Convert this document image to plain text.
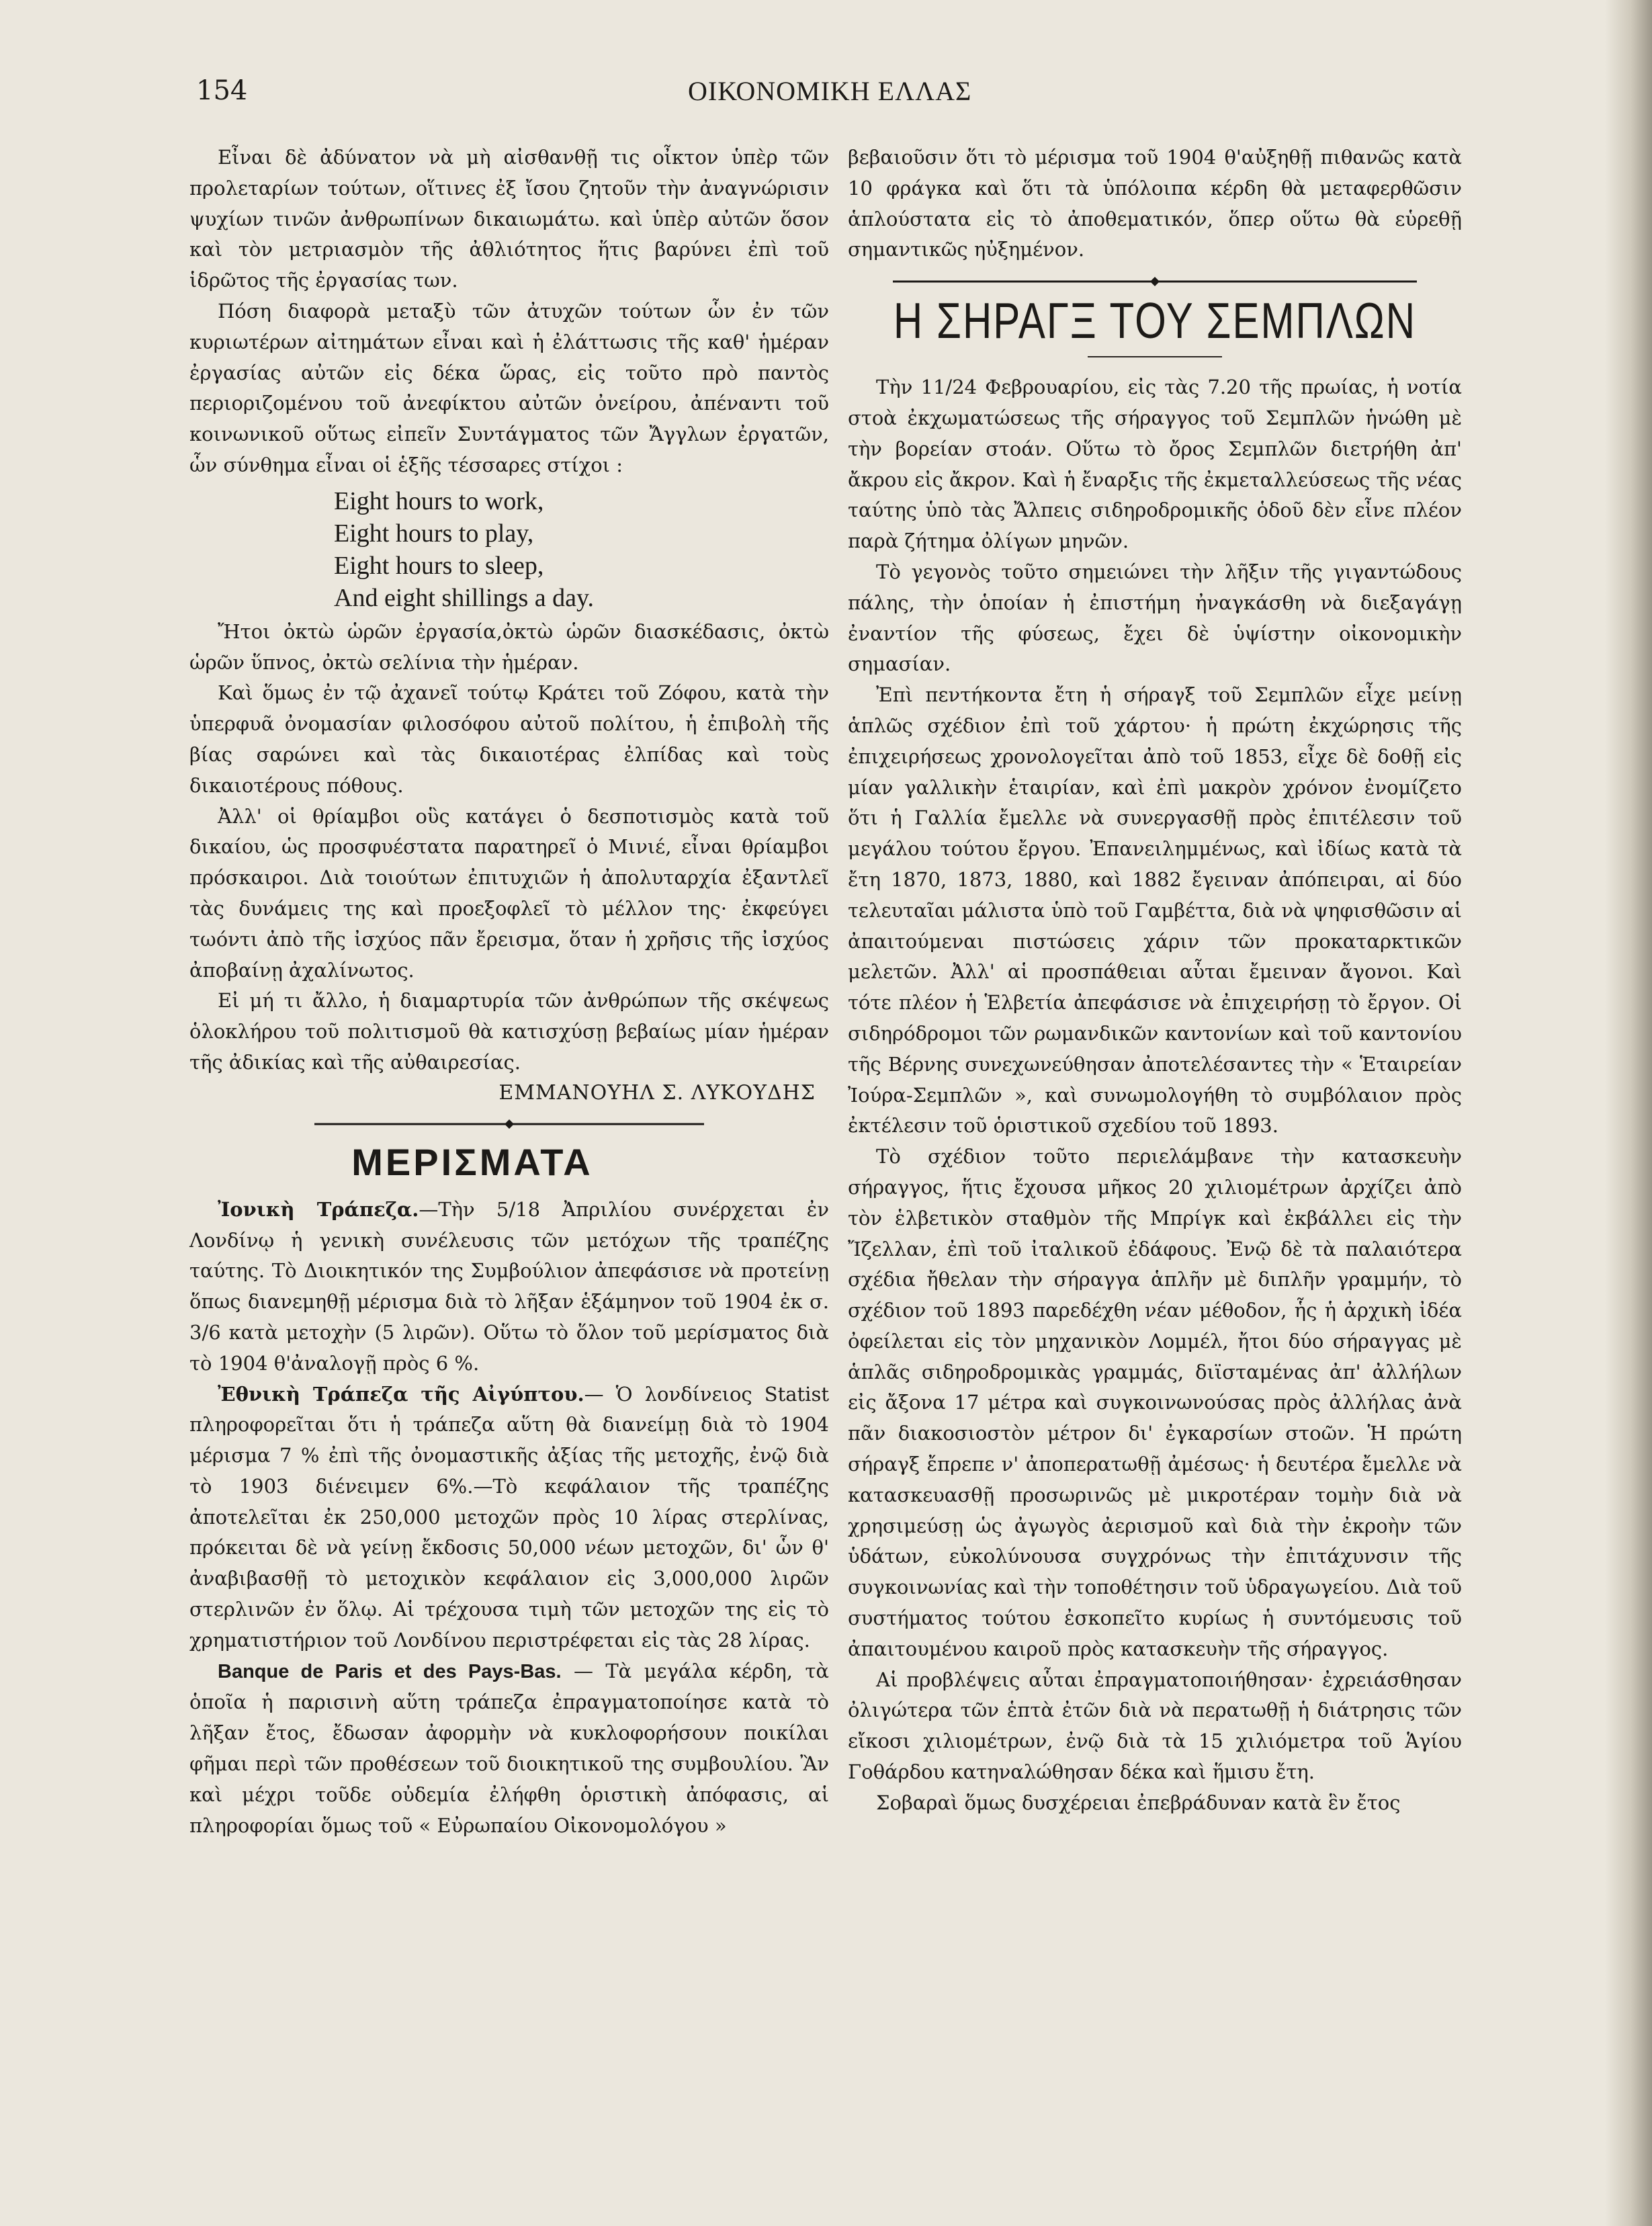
154	ΟΙΚΟΝΟΜΙΚΗ ΕΛΛΑΣ

Εἶναι δὲ ἀδύνατον νὰ μὴ αἰσθανθῇ τις οἶκτον ὑπὲρ τῶν προλεταρίων τούτων, οἵτινες ἐξ ἴσου ζητοῦν τὴν ἀναγνώρισιν ψυχίων τινῶν ἀνθρωπίνων δικαιωμάτω. καὶ ὑπὲρ αὐτῶν ὅσον καὶ τὸν μετριασμὸν τῆς ἀθλιότητος ἥτις βαρύνει ἐπὶ τοῦ ἱδρῶτος τῆς ἐργασίας των.

Πόση διαφορὰ μεταξὺ τῶν ἀτυχῶν τούτων ὧν ἐν τῶν κυριωτέρων αἰτημάτων εἶναι καὶ ἡ ἐλάττωσις τῆς καθ' ἡμέραν ἐργασίας αὐτῶν εἰς δέκα ὥρας, εἰς τοῦτο πρὸ παντὸς περιοριζομένου τοῦ ἀνεφίκτου αὐτῶν ὀνείρου, ἀπέναντι τοῦ κοινωνικοῦ οὕτως εἰπεῖν Συντάγματος τῶν Ἄγγλων ἐργατῶν, ὧν σύνθημα εἶναι οἱ ἑξῆς τέσσαρες στίχοι :

Eight hours to work,
Eight hours to play,
Eight hours to sleep,
And eight shillings a day.

Ἤτοι ὀκτὼ ὡρῶν ἐργασία,ὀκτὼ ὡρῶν διασκέδασις, ὀκτὼ ὡρῶν ὕπνος, ὀκτὼ σελίνια τὴν ἡμέραν.

Καὶ ὅμως ἐν τῷ ἀχανεῖ τούτῳ Κράτει τοῦ Ζόφου, κατὰ τὴν ὑπερφυᾶ ὀνομασίαν φιλοσόφου αὐτοῦ πολίτου, ἡ ἐπιβολὴ τῆς βίας σαρώνει καὶ τὰς δικαιοτέρας ἐλπίδας καὶ τοὺς δικαιοτέρους πόθους.

Ἀλλ' οἱ θρίαμβοι οὓς κατάγει ὁ δεσποτισμὸς κατὰ τοῦ δικαίου, ὡς προσφυέστατα παρατηρεῖ ὁ Μινιέ, εἶναι θρίαμβοι πρόσκαιροι. Διὰ τοιούτων ἐπιτυχιῶν ἡ ἀπολυταρχία ἐξαντλεῖ τὰς δυνάμεις της καὶ προεξοφλεῖ τὸ μέλλον της· ἐκφεύγει τωόντι ἀπὸ τῆς ἰσχύος πᾶν ἔρεισμα, ὅταν ἡ χρῆσις τῆς ἰσχύος ἀποβαίνῃ ἀχαλίνωτος.

Εἰ μή τι ἄλλο, ἡ διαμαρτυρία τῶν ἀνθρώπων τῆς σκέψεως ὁλοκλήρου τοῦ πολιτισμοῦ θὰ κατισχύσῃ βεβαίως μίαν ἡμέραν τῆς ἀδικίας καὶ τῆς αὐθαιρεσίας.

ΕΜΜΑΝΟΥΗΛ Σ. ΛΥΚΟΥΔΗΣ
ΜΕΡΙΣΜΑΤΑ

Ἰονικὴ Τράπεζα.—Τὴν 5/18 Ἀπριλίου συνέρχεται ἐν Λονδίνῳ ἡ γενικὴ συνέλευσις τῶν μετόχων τῆς τραπέζης ταύτης. Τὸ Διοικητικόν της Συμβούλιον ἀπεφάσισε νὰ προτείνῃ ὅπως διανεμηθῇ μέρισμα διὰ τὸ λῆξαν ἑξάμηνον τοῦ 1904 ἐκ σ. 3/6 κατὰ μετοχὴν (5 λιρῶν). Οὕτω τὸ ὅλον τοῦ μερίσματος διὰ τὸ 1904 θ'ἀναλογῇ πρὸς 6 %.

Ἐθνικὴ Τράπεζα τῆς Αἰγύπτου.— Ὁ λονδίνειος Statist πληροφορεῖται ὅτι ἡ τράπεζα αὕτη θὰ διανείμῃ διὰ τὸ 1904 μέρισμα 7 % ἐπὶ τῆς ὀνομαστικῆς ἀξίας τῆς μετοχῆς, ἐνῷ διὰ τὸ 1903 διένειμεν 6%.—Τὸ κεφάλαιον τῆς τραπέζης ἀποτελεῖται ἐκ 250,000 μετοχῶν πρὸς 10 λίρας στερλίνας, πρόκειται δὲ νὰ γείνῃ ἔκδοσις 50,000 νέων μετοχῶν, δι' ὧν θ' ἀναβιβασθῇ τὸ μετοχικὸν κεφάλαιον εἰς 3,000,000 λιρῶν στερλινῶν ἐν ὅλῳ. Αἱ τρέχουσα τιμὴ τῶν μετοχῶν της εἰς τὸ χρηματιστήριον τοῦ Λονδίνου περιστρέφεται εἰς τὰς 28 λίρας.

Banque de Paris et des Pays-Bas. — Τὰ μεγάλα κέρδη, τὰ ὁποῖα ἡ παρισινὴ αὕτη τράπεζα ἐπραγματοποίησε κατὰ τὸ λῆξαν ἔτος, ἔδωσαν ἀφορμὴν νὰ κυκλοφορήσουν ποικίλαι φῆμαι περὶ τῶν προθέσεων τοῦ διοικητικοῦ της συμβουλίου. Ἂν καὶ μέχρι τοῦδε οὐδεμία ἐλήφθη ὁριστικὴ ἀπόφασις, αἱ πληροφορίαι ὅμως τοῦ « Εὐρωπαίου Οἰκονομολόγου »

βεβαιοῦσιν ὅτι τὸ μέρισμα τοῦ 1904 θ'αὐξηθῇ πιθανῶς κατὰ 10 φράγκα καὶ ὅτι τὰ ὑπόλοιπα κέρδη θὰ μεταφερθῶσιν ἁπλούστατα εἰς τὸ ἀποθεματικόν, ὅπερ οὕτω θὰ εὑρεθῇ σημαντικῶς ηὐξημένον.

Η ΣΗΡΑΓΞ ΤΟΥ ΣΕΜΠΛΩΝ

Τὴν 11/24 Φεβρουαρίου, εἰς τὰς 7.20 τῆς πρωίας, ἡ νοτία στοὰ ἐκχωματώσεως τῆς σήραγγος τοῦ Σεμπλῶν ἡνώθη μὲ τὴν βορείαν στοάν. Οὕτω τὸ ὄρος Σεμπλῶν διετρήθη ἀπ' ἄκρου εἰς ἄκρον. Καὶ ἡ ἔναρξις τῆς ἐκμεταλλεύσεως τῆς νέας ταύτης ὑπὸ τὰς Ἄλπεις σιδηροδρομικῆς ὁδοῦ δὲν εἶνε πλέον παρὰ ζήτημα ὀλίγων μηνῶν.

Τὸ γεγονὸς τοῦτο σημειώνει τὴν λῆξιν τῆς γιγαντώδους πάλης, τὴν ὁποίαν ἡ ἐπιστήμη ἠναγκάσθη νὰ διεξαγάγῃ ἐναντίον τῆς φύσεως, ἔχει δὲ ὑψίστην οἰκονομικὴν σημασίαν.

Ἐπὶ πεντήκοντα ἔτη ἡ σήραγξ τοῦ Σεμπλῶν εἶχε μείνῃ ἁπλῶς σχέδιον ἐπὶ τοῦ χάρτου· ἡ πρώτη ἐκχώρησις τῆς ἐπιχειρήσεως χρονολογεῖται ἀπὸ τοῦ 1853, εἶχε δὲ δοθῇ εἰς μίαν γαλλικὴν ἑταιρίαν, καὶ ἐπὶ μακρὸν χρόνον ἐνομίζετο ὅτι ἡ Γαλλία ἔμελλε νὰ συνεργασθῇ πρὸς ἐπιτέλεσιν τοῦ μεγάλου τούτου ἔργου. Ἐπανειλημμένως, καὶ ἰδίως κατὰ τὰ ἔτη 1870, 1873, 1880, καὶ 1882 ἔγειναν ἀπόπειραι, αἱ δύο τελευταῖαι μάλιστα ὑπὸ τοῦ Γαμβέττα, διὰ νὰ ψηφισθῶσιν αἱ ἀπαιτούμεναι πιστώσεις χάριν τῶν προκαταρκτικῶν μελετῶν. Ἀλλ' αἱ προσπάθειαι αὗται ἔμειναν ἄγονοι. Καὶ τότε πλέον ἡ Ἑλβετία ἀπεφάσισε νὰ ἐπιχειρήσῃ τὸ ἔργον. Οἱ σιδηρόδρομοι τῶν ρωμανδικῶν καντονίων καὶ τοῦ καντονίου τῆς Βέρνης συνεχωνεύθησαν ἀποτελέσαντες τὴν « Ἑταιρείαν Ἰούρα-Σεμπλῶν », καὶ συνωμολογήθη τὸ συμβόλαιον πρὸς ἐκτέλεσιν τοῦ ὁριστικοῦ σχεδίου τοῦ 1893.

Τὸ σχέδιον τοῦτο περιελάμβανε τὴν κατασκευὴν σήραγγος, ἥτις ἔχουσα μῆκος 20 χιλιομέτρων ἀρχίζει ἀπὸ τὸν ἑλβετικὸν σταθμὸν τῆς Μπρίγκ καὶ ἐκβάλλει εἰς τὴν Ἴζελλαν, ἐπὶ τοῦ ἰταλικοῦ ἐδάφους. Ἐνῷ δὲ τὰ παλαιότερα σχέδια ἤθελαν τὴν σήραγγα ἁπλῆν μὲ διπλῆν γραμμήν, τὸ σχέδιον τοῦ 1893 παρεδέχθη νέαν μέθοδον, ἧς ἡ ἀρχικὴ ἰδέα ὀφείλεται εἰς τὸν μηχανικὸν Λομμέλ, ἤτοι δύο σήραγγας μὲ ἁπλᾶς σιδηροδρομικὰς γραμμάς, διϊσταμένας ἀπ' ἀλλήλων εἰς ἄξονα 17 μέτρα καὶ συγκοινωνούσας πρὸς ἀλλήλας ἀνὰ πᾶν διακοσιοστὸν μέτρον δι' ἐγκαρσίων στοῶν. Ἡ πρώτη σήραγξ ἔπρεπε ν' ἀποπερατωθῇ ἀμέσως· ἡ δευτέρα ἔμελλε νὰ κατασκευασθῇ προσωρινῶς μὲ μικροτέραν τομὴν διὰ νὰ χρησιμεύσῃ ὡς ἀγωγὸς ἀερισμοῦ καὶ διὰ τὴν ἐκροὴν τῶν ὑδάτων, εὐκολύνουσα συγχρόνως τὴν ἐπιτάχυνσιν τῆς συγκοινωνίας καὶ τὴν τοποθέτησιν τοῦ ὑδραγωγείου. Διὰ τοῦ συστήματος τούτου ἐσκοπεῖτο κυρίως ἡ συντόμευσις τοῦ ἀπαιτουμένου καιροῦ πρὸς κατασκευὴν τῆς σήραγγος.

Αἱ προβλέψεις αὗται ἐπραγματοποιήθησαν· ἐχρειάσθησαν ὀλιγώτερα τῶν ἑπτὰ ἐτῶν διὰ νὰ περατωθῇ ἡ διάτρησις τῶν εἴκοσι χιλιομέτρων, ἐνῷ διὰ τὰ 15 χιλιόμετρα τοῦ Ἁγίου Γοθάρδου κατηναλώθησαν δέκα καὶ ἥμισυ ἔτη.

Σοβαραὶ ὅμως δυσχέρειαι ἐπεβράδυναν κατὰ ἓν ἔτος
